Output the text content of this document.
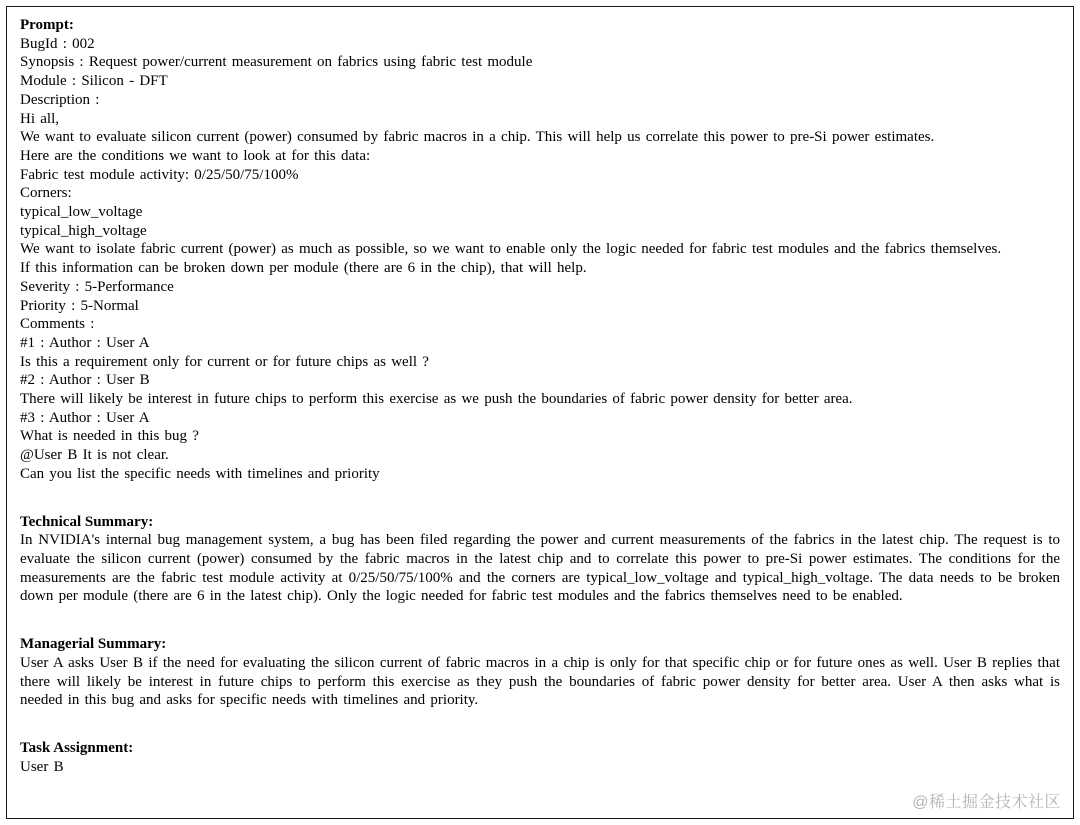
Prompt:

BugId : 002

Synopsis : Request power/current measurement on fabrics using fabric test module

Module : Silicon - DFT

Description :

Hi all,

We want to evaluate silicon current (power) consumed by fabric macros in a chip. This will help us correlate this power to pre-Si power estimates.

Here are the conditions we want to look at for this data:

Fabric test module activity: 0/25/50/75/100%

Corners:

typical_low_voltage

typical_high_voltage

We want to isolate fabric current (power) as much as possible, so we want to enable only the logic needed for fabric test modules and the fabrics themselves.

If this information can be broken down per module (there are 6 in the chip), that will help.

Severity : 5-Performance

Priority : 5-Normal

Comments :

#1 : Author : User A

Is this a requirement only for current or for future chips as well ?

#2 : Author : User B

There will likely be interest in future chips to perform this exercise as we push the boundaries of fabric power density for better area.

#3 : Author : User A

What is needed in this bug ?

@User B It is not clear.

Can you list the specific needs with timelines and priority

Technical Summary:

In NVIDIA's internal bug management system, a bug has been filed regarding the power and current measurements of the fabrics in the latest chip. The request is to evaluate the silicon current (power) consumed by the fabric macros in the latest chip and to correlate this power to pre-Si power estimates. The conditions for the measurements are the fabric test module activity at 0/25/50/75/100% and the corners are typical_low_voltage and typical_high_voltage. The data needs to be broken down per module (there are 6 in the latest chip). Only the logic needed for fabric test modules and the fabrics themselves need to be enabled.

Managerial Summary:

User A asks User B if the need for evaluating the silicon current of fabric macros in a chip is only for that specific chip or for future ones as well. User B replies that there will likely be interest in future chips to perform this exercise as they push the boundaries of fabric power density for better area. User A then asks what is needed in this bug and asks for specific needs with timelines and priority.

Task Assignment:

User B

@稀土掘金技术社区
